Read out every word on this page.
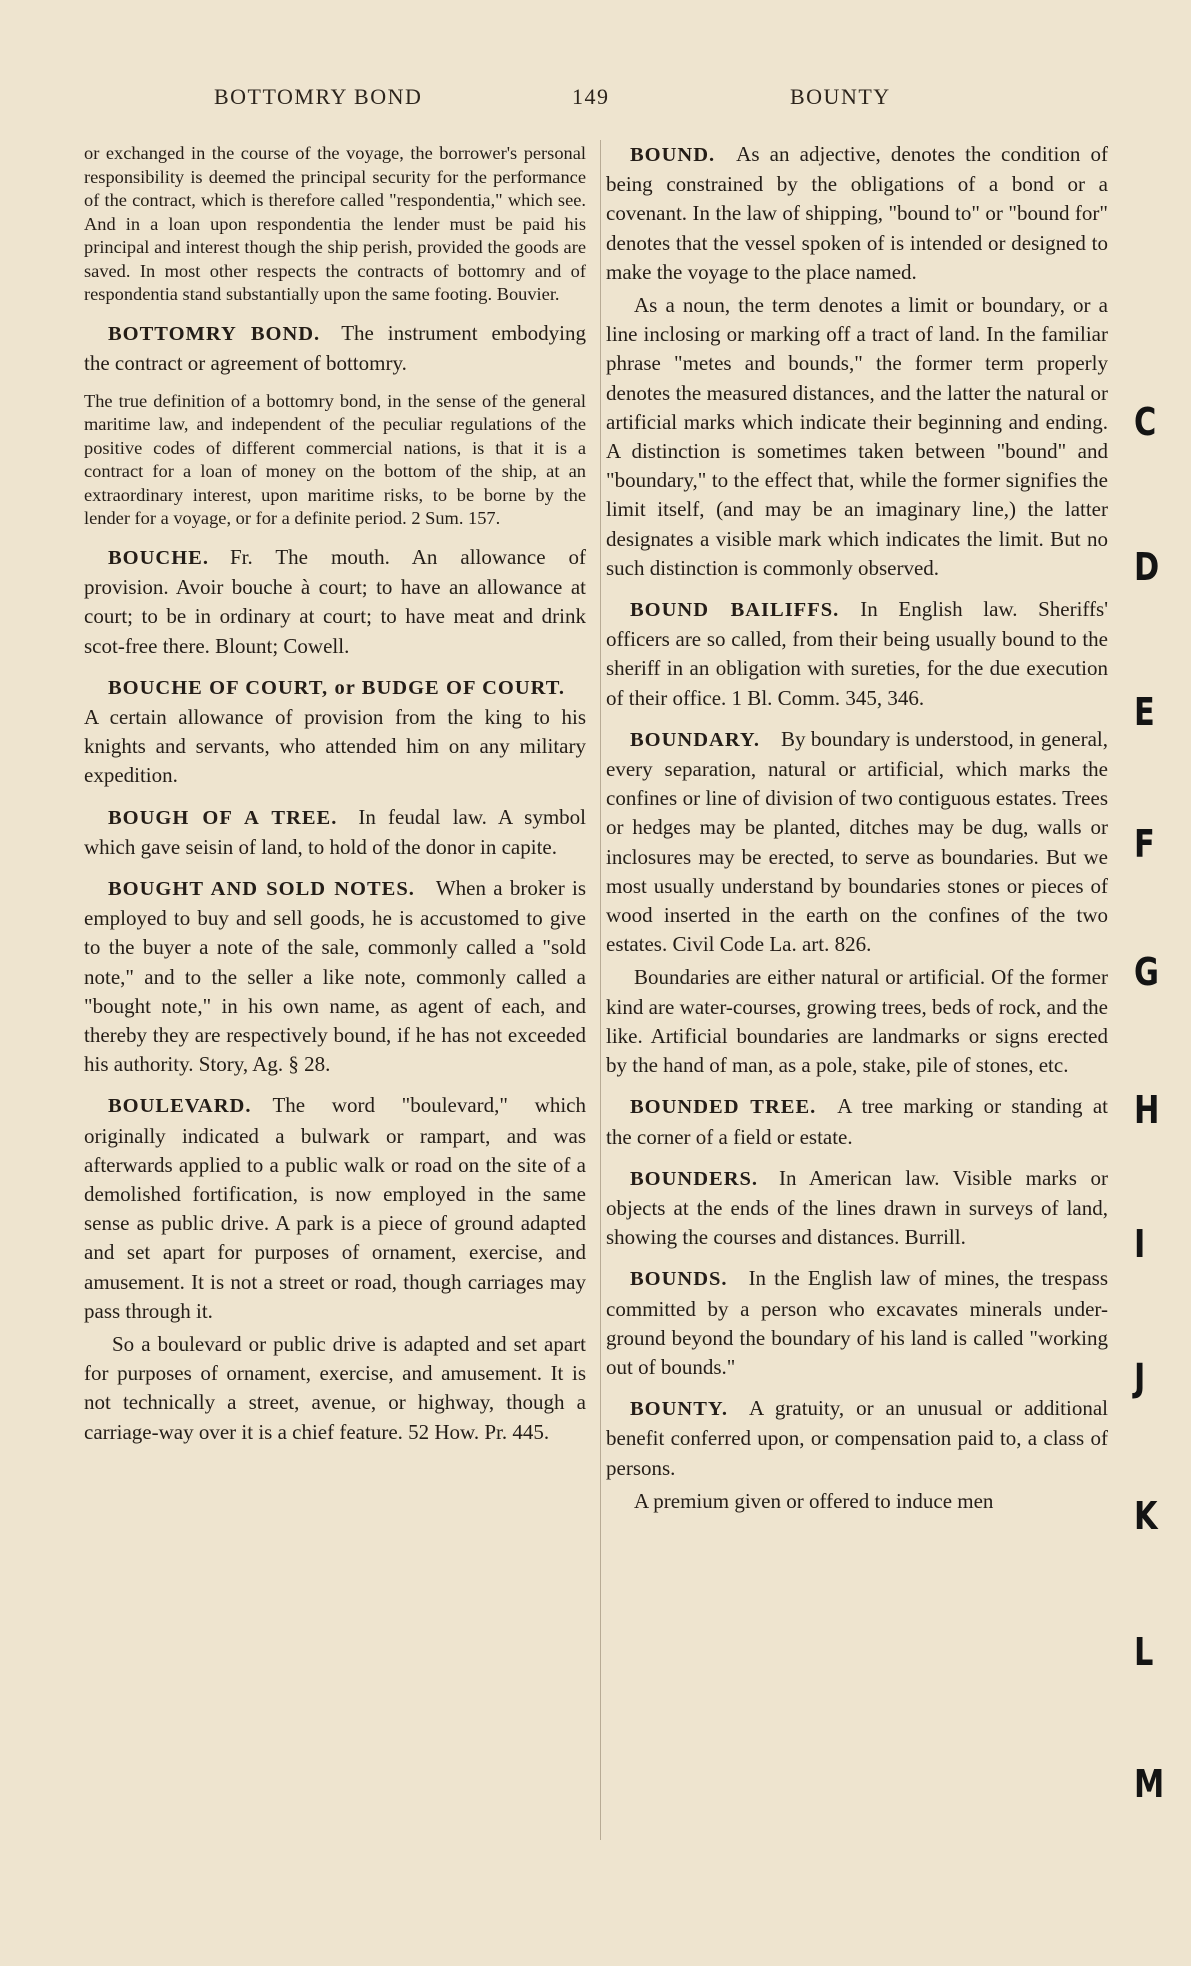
BOTTOMRY BOND	149	BOUNTY

or exchanged in the course of the voyage, the borrower's personal responsibility is deemed the principal security for the performance of the contract, which is therefore called "respondentia," which see. And in a loan upon respondentia the lender must be paid his principal and interest though the ship perish, provided the goods are saved. In most other respects the contracts of bottomry and of respondentia stand substantially upon the same footing. Bouvier.

BOTTOMRY BOND.  The instrument embodying the contract or agreement of bottomry.

The true definition of a bottomry bond, in the sense of the general maritime law, and independent of the peculiar regulations of the positive codes of different commercial nations, is that it is a contract for a loan of money on the bottom of the ship, at an extraordinary interest, upon maritime risks, to be borne by the lender for a voyage, or for a definite period. 2 Sum. 157.

BOUCHE.  Fr. The mouth. An allowance of provision. Avoir bouche à court; to have an allowance at court; to be in ordinary at court; to have meat and drink scot-free there. Blount; Cowell.

BOUCHE OF COURT, or BUDGE OF COURT. A certain allowance of provision from the king to his knights and servants, who attended him on any military expedition.

BOUGH OF A TREE.  In feudal law. A symbol which gave seisin of land, to hold of the donor in capite.

BOUGHT AND SOLD NOTES.  When a broker is employed to buy and sell goods, he is accustomed to give to the buyer a note of the sale, commonly called a "sold note," and to the seller a like note, commonly called a "bought note," in his own name, as agent of each, and thereby they are respectively bound, if he has not exceeded his authority. Story, Ag. § 28.

BOULEVARD.  The word "boulevard," which originally indicated a bulwark or rampart, and was afterwards applied to a public walk or road on the site of a demolished fortification, is now employed in the same sense as public drive. A park is a piece of ground adapted and set apart for purposes of ornament, exercise, and amusement. It is not a street or road, though carriages may pass through it.

So a boulevard or public drive is adapted and set apart for purposes of ornament, exercise, and amusement. It is not technically a street, avenue, or highway, though a carriage-way over it is a chief feature. 52 How. Pr. 445.

BOUND.  As an adjective, denotes the condition of being constrained by the obligations of a bond or a covenant. In the law of shipping, "bound to" or "bound for" denotes that the vessel spoken of is intended or designed to make the voyage to the place named.

As a noun, the term denotes a limit or boundary, or a line inclosing or marking off a tract of land. In the familiar phrase "metes and bounds," the former term properly denotes the measured distances, and the latter the natural or artificial marks which indicate their beginning and ending. A distinction is sometimes taken between "bound" and "boundary," to the effect that, while the former signifies the limit itself, (and may be an imaginary line,) the latter designates a visible mark which indicates the limit. But no such distinction is commonly observed.

BOUND BAILIFFS.  In English law. Sheriffs' officers are so called, from their being usually bound to the sheriff in an obligation with sureties, for the due execution of their office. 1 Bl. Comm. 345, 346.

BOUNDARY.  By boundary is understood, in general, every separation, natural or artificial, which marks the confines or line of division of two contiguous estates. Trees or hedges may be planted, ditches may be dug, walls or inclosures may be erected, to serve as boundaries. But we most usually understand by boundaries stones or pieces of wood inserted in the earth on the confines of the two estates. Civil Code La. art. 826.

Boundaries are either natural or artificial. Of the former kind are water-courses, growing trees, beds of rock, and the like. Artificial boundaries are landmarks or signs erected by the hand of man, as a pole, stake, pile of stones, etc.

BOUNDED TREE.  A tree marking or standing at the corner of a field or estate.

BOUNDERS.  In American law. Visible marks or objects at the ends of the lines drawn in surveys of land, showing the courses and distances. Burrill.

BOUNDS.  In the English law of mines, the trespass committed by a person who excavates minerals under-ground beyond the boundary of his land is called "working out of bounds."

BOUNTY.  A gratuity, or an unusual or additional benefit conferred upon, or compensation paid to, a class of persons.

A premium given or offered to induce men

C
D
E
F
G
H
I
J
K
L
M
